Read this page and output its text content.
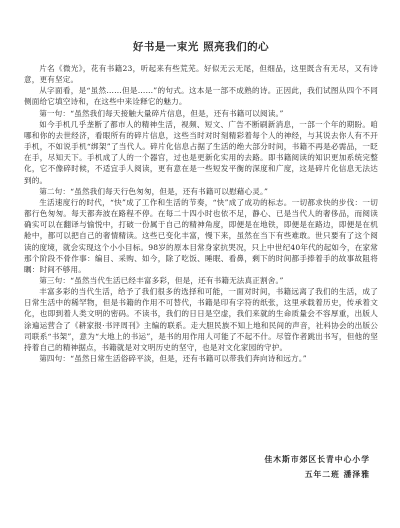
好书是一束光 照亮我们的心

片名《微光》，花有书籍23，听起来有些荒芜。好似无云无尾，但细品，这里既含有无尽，又有诗意，更有坚定。

从字面看，是“虽然……但是……”的句式。这本是一部不成熟的诗。正因此，我们试图从四个不同侧面给它填空诗和，在这些中来诠释它的魅力。

第一句：“虽然我们每天接触大量碎片信息，但是，还有书籍可以阅读。”

如今手机几乎垄断了都市人的精神生活，视频、短文、广告不断刷新消息，一部一个年的期盼。咱哪和你的去世经济，看眼所有的碎片信息，这些当时对时刻精彩着每个人的神经，与其说去你人有不开手机，不如说手机“绑架”了当代人。碎片化信息占据了生活的绝大部分时间，书籍不再是必需品，一眨在手，尽知天下。手机成了人的一个器官，过也是更新化实用的去路。即书籍阅读的知识更加系统完整化，它不像碎时候，不适宜手人阅读，更有意在是一些短发平衡的深度和广度，这是碎片化信息无法达到的。

第二句：“虽然我们每天行色匆匆，但是，还有书籍可以慰藉心灵。”

生活速度行的时代，“快”成了工作和生活的节奏，“快”成了成功的标志。一切都求快的步伐：一切都行色匆匆。每天都奔波在路程不停。在每二十四小时也依不足，静心、已是当代人的奢侈品，而阅读确实可以在翻译与愉悦中，打破一份属于自己的精神角度，即便是在地铁，即便是在路边，即便是在机舱中，都可以把自己的奢情精读。这些已变化丰富，慢下来，虽然在当下有些难敢。世只要有了这个阅读的度境，就会实现这个小小目标。98岁的原本目常身家抗哭况，只上中世纪40年代的起如今，在家常那个阶段不骨作事：编目、采购、如今，除了吃饭、睡眠、看鼻，剩下的时间都手捧着手的故事故阻将瞩：时间不够用。

第三句：“虽然当代生活已经丰富多彩，但是，还有书籍无法真正割舍。”

丰富多彩的当代生活，给予了我们很多的选择和可能，一面对时间，书籍远离了我们的生活，成了日常生活中的稀罕物，但是书籍的作用不可替代，书籍是印有字符的纸张，这里承载着历史，传承着文化，也即到着人类文明的密码。不读书，我们的日日是空虚，我们来就的生命质量会不容厚重，出版人涂遍运营合了《耕家报·书评周刊》主编的联系。走大胆民族不知上地和民间的声音，社科协会的出版公司联系“书架”，意为“大地上的书运”，是书的用作用人可能了不起不什。尽管作者跳出书写，但他的坚持着自己的精神据点，书籍就是对文明历史的坚守，也是对文化家园的守护。

第四句：“虽然日常生活俗碎平淡，但是，还有书籍可以带我们奔向诗和远方。”

佳木斯市郊区长青中心小学
五年二班 潘泽雅
